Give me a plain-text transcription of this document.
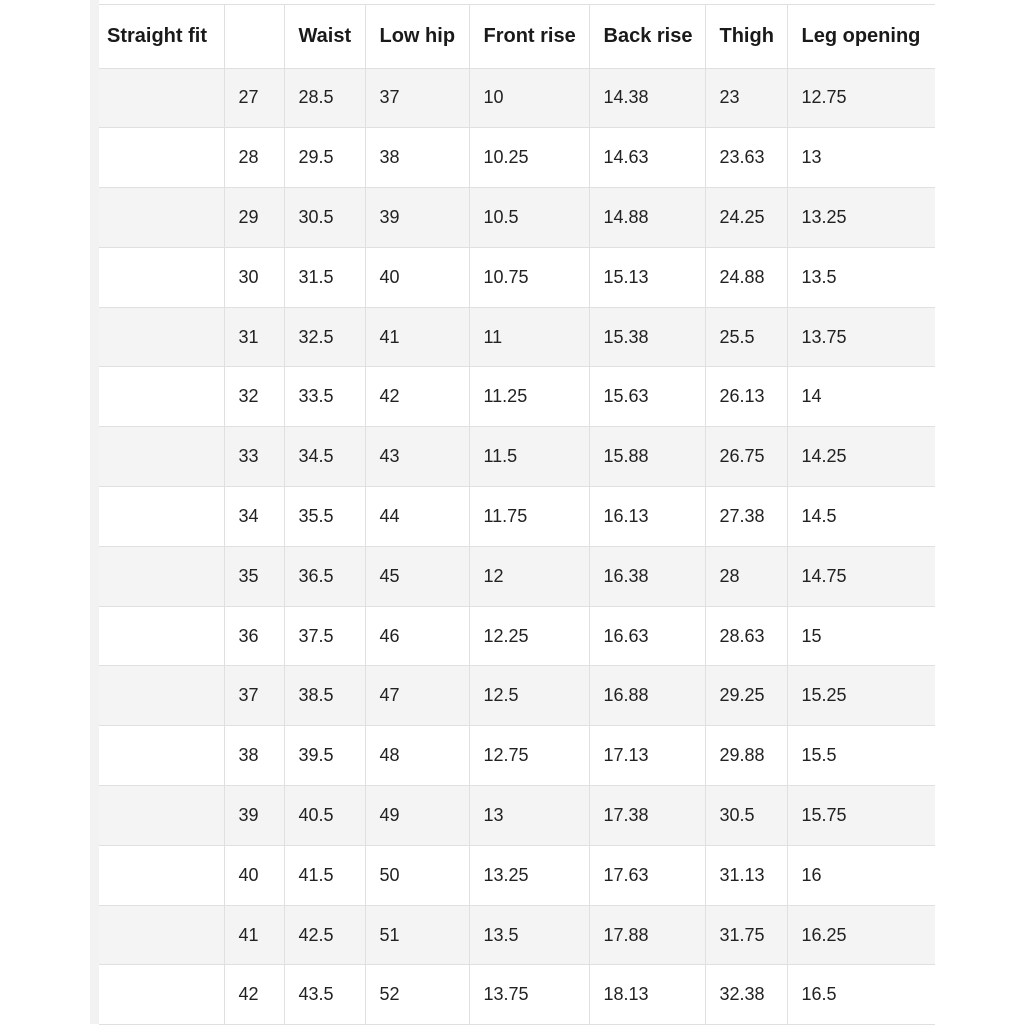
Straight fit		Waist	Low hip	Front rise	Back rise	Thigh	Leg opening
	27	28.5	37	10	14.38	23	12.75
	28	29.5	38	10.25	14.63	23.63	13
	29	30.5	39	10.5	14.88	24.25	13.25
	30	31.5	40	10.75	15.13	24.88	13.5
	31	32.5	41	11	15.38	25.5	13.75
	32	33.5	42	11.25	15.63	26.13	14
	33	34.5	43	11.5	15.88	26.75	14.25
	34	35.5	44	11.75	16.13	27.38	14.5
	35	36.5	45	12	16.38	28	14.75
	36	37.5	46	12.25	16.63	28.63	15
	37	38.5	47	12.5	16.88	29.25	15.25
	38	39.5	48	12.75	17.13	29.88	15.5
	39	40.5	49	13	17.38	30.5	15.75
	40	41.5	50	13.25	17.63	31.13	16
	41	42.5	51	13.5	17.88	31.75	16.25
	42	43.5	52	13.75	18.13	32.38	16.5
